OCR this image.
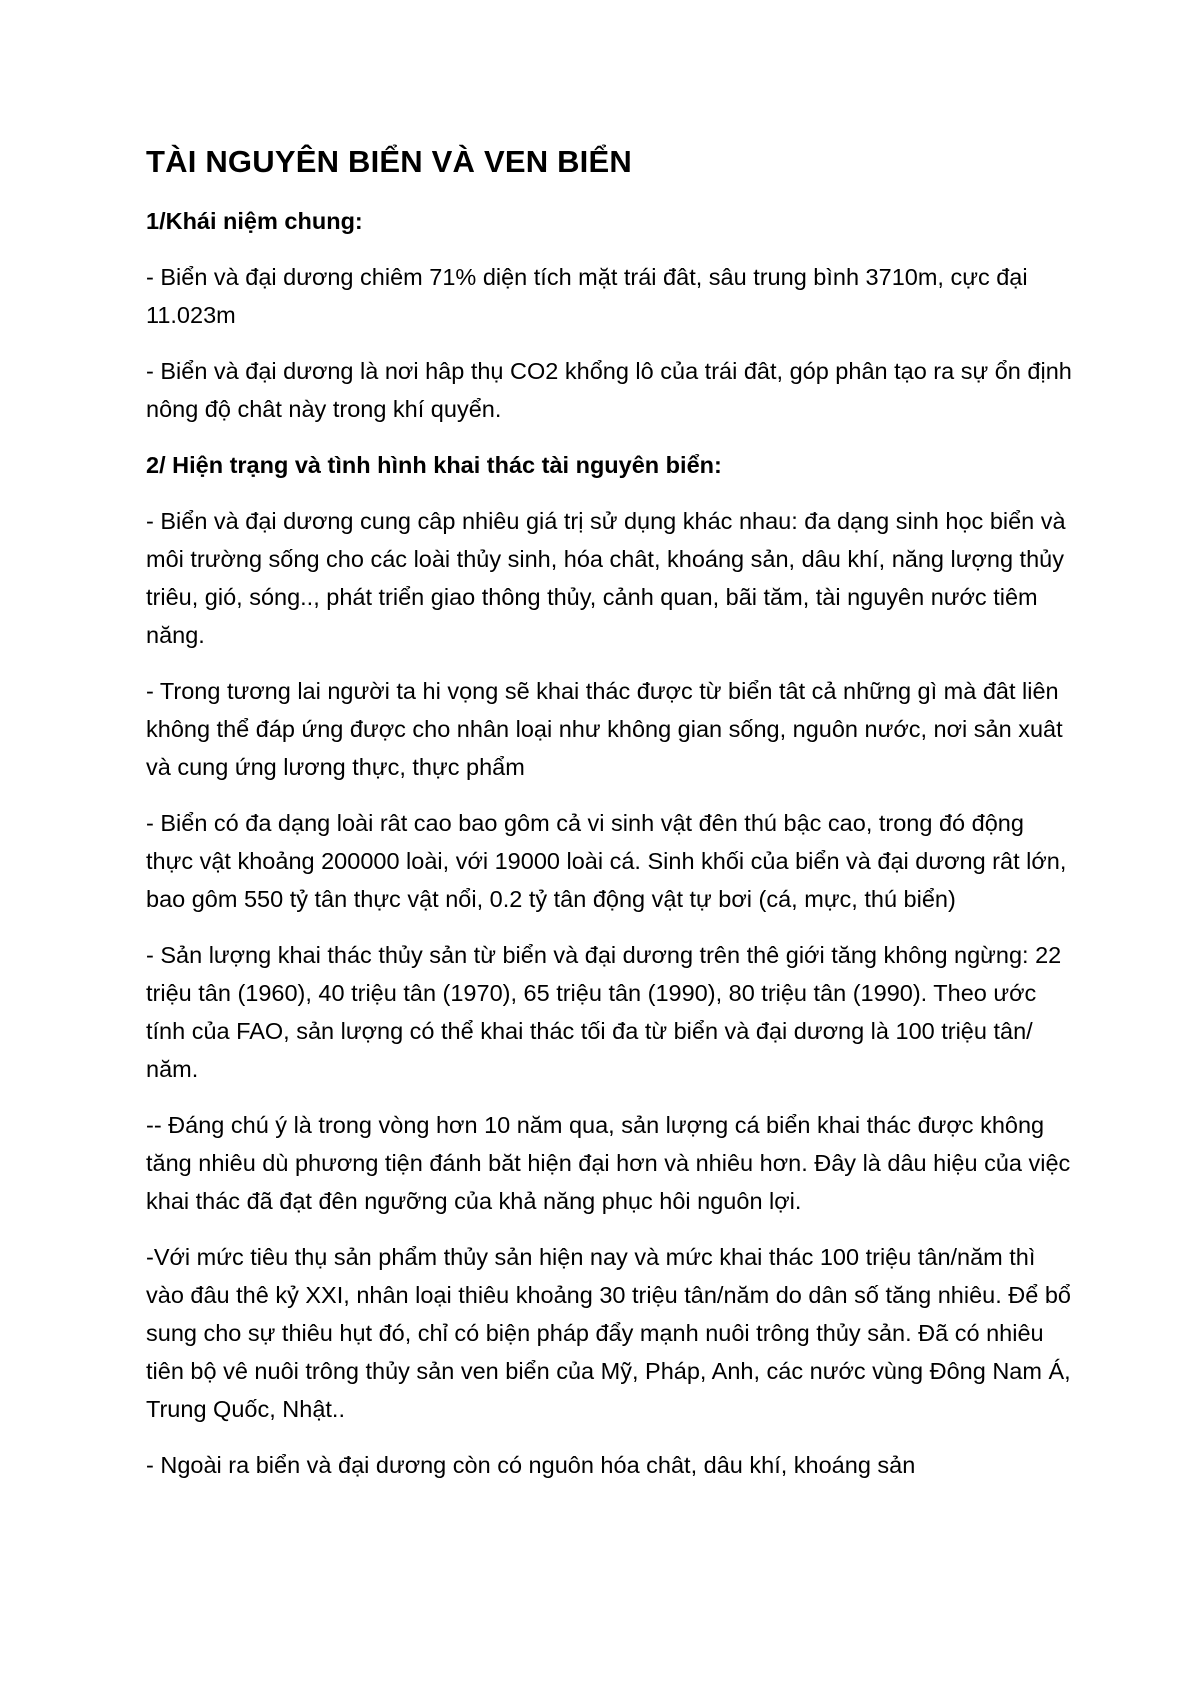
TÀI NGUYÊN BIỂN VÀ VEN BIỂN
1/Khái niệm chung:

- Biển và đại dương chiêm 71% diện tích mặt trái đât, sâu trung bình 3710m, cực đại 11.023m

- Biển và đại dương là nơi hâp thụ CO2 khổng lô của trái đât, góp phân tạo ra sự ổn định nông độ chât này trong khí quyển.

2/ Hiện trạng và tình hình khai thác tài nguyên biển:

- Biển và đại dương cung câp nhiêu giá trị sử dụng khác nhau: đa dạng sinh học biển và môi trường sống cho các loài thủy sinh, hóa chât, khoáng sản, dâu khí, năng lượng thủy triêu, gió, sóng.., phát triển giao thông thủy, cảnh quan, bãi tăm, tài nguyên nước tiêm năng.

- Trong tương lai người ta hi vọng sẽ khai thác được từ biển tât cả những gì mà đât liên không thể đáp ứng được cho nhân loại như không gian sống, nguôn nước, nơi sản xuât và cung ứng lương thực, thực phẩm

- Biển có đa dạng loài rât cao bao gôm cả vi sinh vật đên thú bậc cao, trong đó động thực vật khoảng 200000 loài, với 19000 loài cá. Sinh khối của biển và đại dương rât lớn, bao gôm 550 tỷ tân thực vật nổi, 0.2 tỷ tân động vật tự bơi (cá, mực, thú biển)

- Sản lượng khai thác thủy sản từ biển và đại dương trên thê giới tăng không ngừng: 22 triệu tân (1960), 40 triệu tân (1970), 65 triệu tân (1990), 80 triệu tân (1990). Theo ước tính của FAO, sản lượng có thể khai thác tối đa từ biển và đại dương là 100 triệu tân/ năm.

-- Đáng chú ý là trong vòng hơn 10 năm qua, sản lượng cá biển khai thác được không tăng nhiêu dù phương tiện đánh băt hiện đại hơn và nhiêu hơn. Đây là dâu hiệu của việc khai thác đã đạt đên ngưỡng của khả năng phục hôi nguôn lợi.

-Với mức tiêu thụ sản phẩm thủy sản hiện nay và mức khai thác 100 triệu tân/năm thì vào đâu thê kỷ XXI, nhân loại thiêu khoảng 30 triệu tân/năm do dân số tăng nhiêu. Để bổ sung cho sự thiêu hụt đó, chỉ có biện pháp đẩy mạnh nuôi trông thủy sản. Đã có nhiêu tiên bộ vê nuôi trông thủy sản ven biển của Mỹ, Pháp, Anh, các nước vùng Đông Nam Á, Trung Quốc, Nhật..

- Ngoài ra biển và đại dương còn có nguôn hóa chât, dâu khí, khoáng sản
